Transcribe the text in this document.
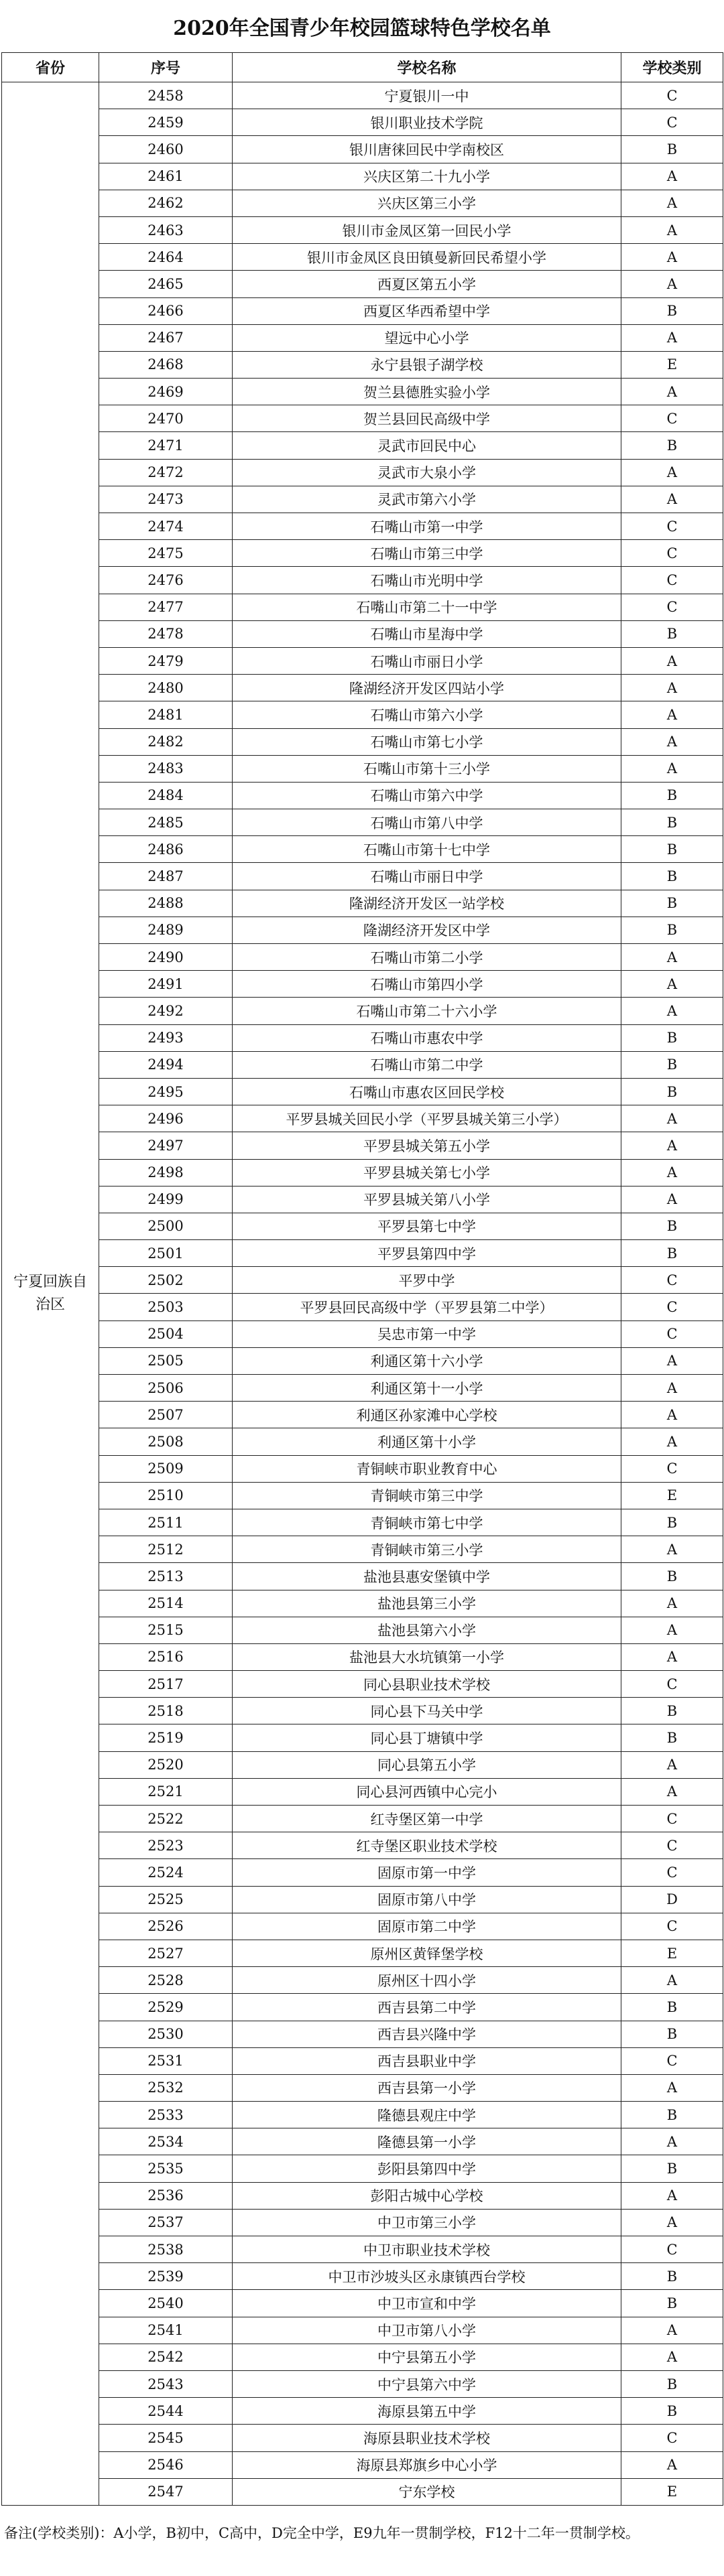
2020年全国青少年校园篮球特色学校名单
省份	序号	学校名称	学校类别
宁夏回族自治区	2458	宁夏银川一中	C
	2459	银川职业技术学院	C
	2460	银川唐徕回民中学南校区	B
	2461	兴庆区第二十九小学	A
	2462	兴庆区第三小学	A
	2463	银川市金凤区第一回民小学	A
	2464	银川市金凤区良田镇曼新回民希望小学	A
	2465	西夏区第五小学	A
	2466	西夏区华西希望中学	B
	2467	望远中心小学	A
	2468	永宁县银子湖学校	E
	2469	贺兰县德胜实验小学	A
	2470	贺兰县回民高级中学	C
	2471	灵武市回民中心	B
	2472	灵武市大泉小学	A
	2473	灵武市第六小学	A
	2474	石嘴山市第一中学	C
	2475	石嘴山市第三中学	C
	2476	石嘴山市光明中学	C
	2477	石嘴山市第二十一中学	C
	2478	石嘴山市星海中学	B
	2479	石嘴山市丽日小学	A
	2480	隆湖经济开发区四站小学	A
	2481	石嘴山市第六小学	A
	2482	石嘴山市第七小学	A
	2483	石嘴山市第十三小学	A
	2484	石嘴山市第六中学	B
	2485	石嘴山市第八中学	B
	2486	石嘴山市第十七中学	B
	2487	石嘴山市丽日中学	B
	2488	隆湖经济开发区一站学校	B
	2489	隆湖经济开发区中学	B
	2490	石嘴山市第二小学	A
	2491	石嘴山市第四小学	A
	2492	石嘴山市第二十六小学	A
	2493	石嘴山市惠农中学	B
	2494	石嘴山市第二中学	B
	2495	石嘴山市惠农区回民学校	B
	2496	平罗县城关回民小学（平罗县城关第三小学）	A
	2497	平罗县城关第五小学	A
	2498	平罗县城关第七小学	A
	2499	平罗县城关第八小学	A
	2500	平罗县第七中学	B
	2501	平罗县第四中学	B
	2502	平罗中学	C
	2503	平罗县回民高级中学（平罗县第二中学）	C
	2504	吴忠市第一中学	C
	2505	利通区第十六小学	A
	2506	利通区第十一小学	A
	2507	利通区孙家滩中心学校	A
	2508	利通区第十小学	A
	2509	青铜峡市职业教育中心	C
	2510	青铜峡市第三中学	E
	2511	青铜峡市第七中学	B
	2512	青铜峡市第三小学	A
	2513	盐池县惠安堡镇中学	B
	2514	盐池县第三小学	A
	2515	盐池县第六小学	A
	2516	盐池县大水坑镇第一小学	A
	2517	同心县职业技术学校	C
	2518	同心县下马关中学	B
	2519	同心县丁塘镇中学	B
	2520	同心县第五小学	A
	2521	同心县河西镇中心完小	A
	2522	红寺堡区第一中学	C
	2523	红寺堡区职业技术学校	C
	2524	固原市第一中学	C
	2525	固原市第八中学	D
	2526	固原市第二中学	C
	2527	原州区黄铎堡学校	E
	2528	原州区十四小学	A
	2529	西吉县第二中学	B
	2530	西吉县兴隆中学	B
	2531	西吉县职业中学	C
	2532	西吉县第一小学	A
	2533	隆德县观庄中学	B
	2534	隆德县第一小学	A
	2535	彭阳县第四中学	B
	2536	彭阳古城中心学校	A
	2537	中卫市第三小学	A
	2538	中卫市职业技术学校	C
	2539	中卫市沙坡头区永康镇西台学校	B
	2540	中卫市宣和中学	B
	2541	中卫市第八小学	A
	2542	中宁县第五小学	A
	2543	中宁县第六中学	B
	2544	海原县第五中学	B
	2545	海原县职业技术学校	C
	2546	海原县郑旗乡中心小学	A
	2547	宁东学校	E
备注(学校类别)：A小学，B初中，C高中，D完全中学，E9九年一贯制学校，F12十二年一贯制学校。
